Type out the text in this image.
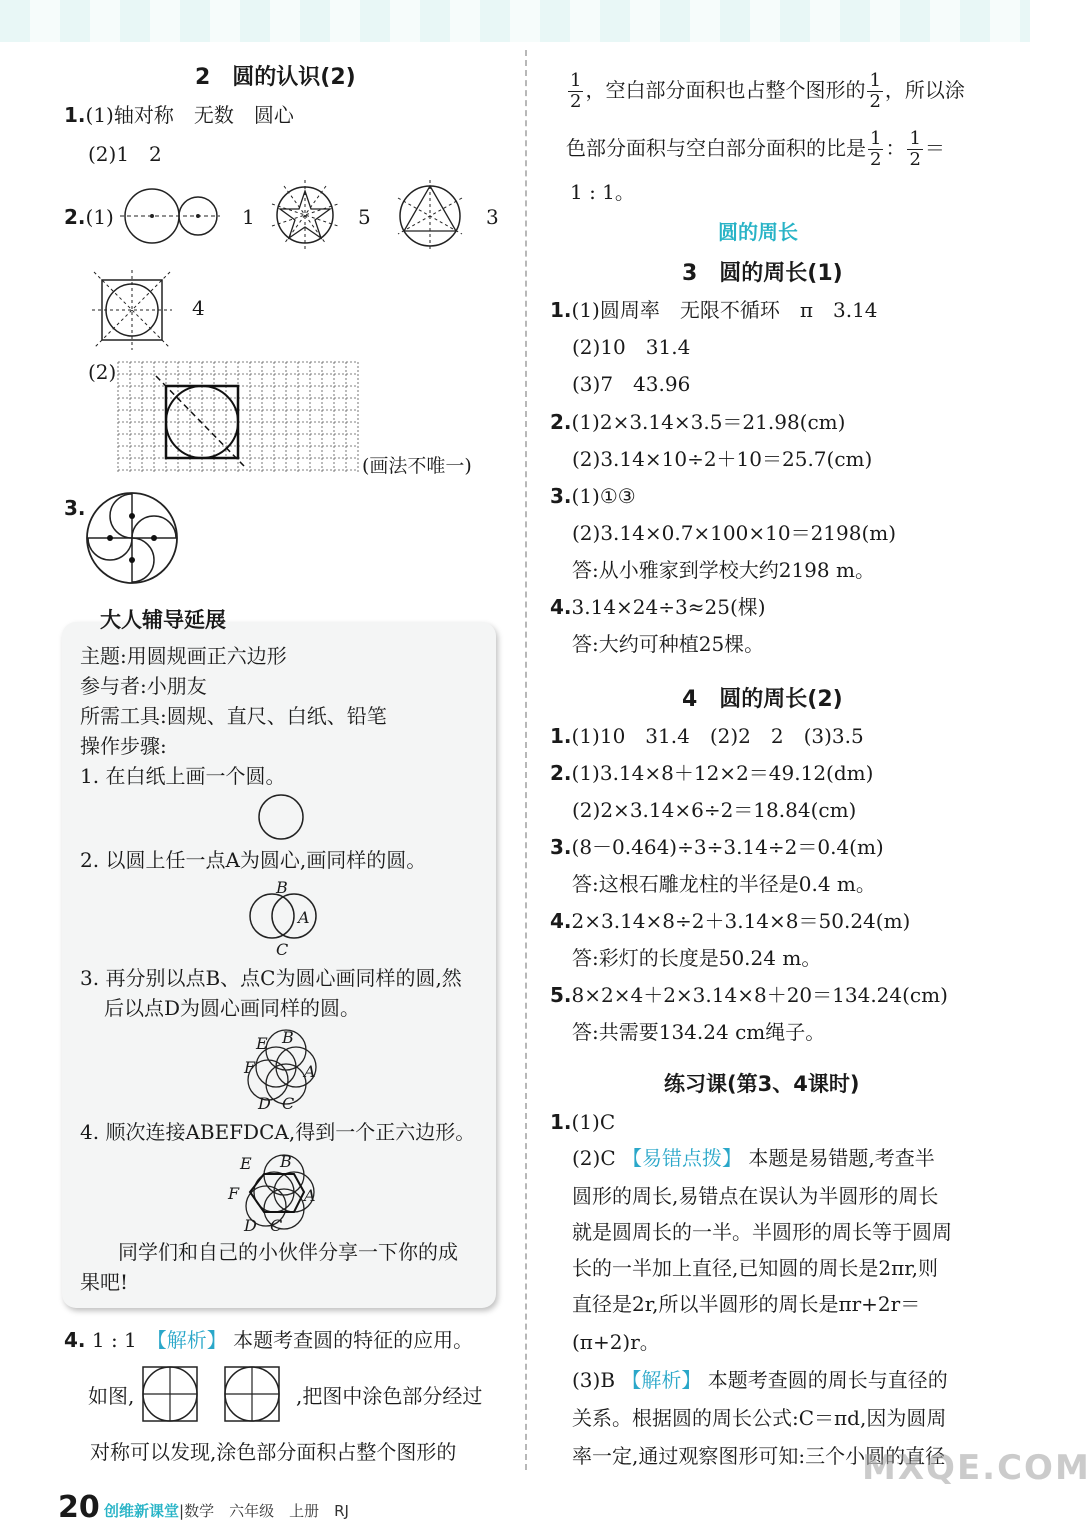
2　圆的认识(2)
1.(1)轴对称　无数　圆心
(2)1　2
2.(1)	1	5	3
4
(2)
(画法不唯一)
3.
大人辅导延展
主题:用圆规画正六边形
参与者:小朋友
所需工具:圆规、直尺、白纸、铅笔
操作步骤:
1. 在白纸上画一个圆。
2. 以圆上任一点A为圆心,画同样的圆。
B
A
C
3. 再分别以点B、点C为圆心画同样的圆,然
后以点D为圆心画同样的圆。
E B
F	A
D C
4. 顺次连接ABEFDCA,得到一个正六边形。
E B
F	A
D C
同学们和自己的小伙伴分享一下你的成
果吧!
4. 1 : 1　 【解析】 本题考查圆的特征的应用。
如图,	,把图中涂色部分经过
对称可以发现,涂色部分面积占整个图形的
$\frac{1}{2}$ ，空白部分面积也占整个图形的 $\frac{1}{2}$ ，所以涂
色部分面积与空白部分面积的比是 $\frac{1}{2}$ ： $\frac{1}{2}$ ＝
1 : 1。
圆的周长
3　圆的周长(1)
1.(1)圆周率　无限不循环　π　3.14
(2)10　31.4
(3)7　43.96
2.(1)2×3.14×3.5＝21.98(cm)
(2)3.14×10÷2＋10＝25.7(cm)
3.(1)①③
(2)3.14×0.7×100×10＝2198(m)
答:从小雅家到学校大约2198 m。
4.3.14×24÷3≈25(棵)
答:大约可种植25棵。
4　圆的周长(2)
1.(1)10　31.4　(2)2　2　(3)3.5
2.(1)3.14×8＋12×2＝49.12(dm)
(2)2×3.14×6÷2＝18.84(cm)
3.(8－0.464)÷3÷3.14÷2＝0.4(m)
答:这根石雕龙柱的半径是0.4 m。
4.2×3.14×8÷2＋3.14×8＝50.24(m)
答:彩灯的长度是50.24 m。
5.8×2×4＋2×3.14×8＋20＝134.24(cm)
答:共需要134.24 cm绳子。
练习课(第3、4课时)
1.(1)C
(2)C 【易错点拨】 本题是易错题,考查半
圆形的周长,易错点在误认为半圆形的周长
就是圆周长的一半。半圆形的周长等于圆周
长的一半加上直径,已知圆的周长是2πr,则
直径是2r,所以半圆形的周长是πr+2r＝
(π+2)r。
(3)B 【解析】 本题考查圆的周长与直径的
关系。根据圆的周长公式:C＝πd,因为圆周
率一定,通过观察图形可知:三个小圆的直径
20 创维新课堂|数学　六年级　上册　RJ
MXQE.COM
